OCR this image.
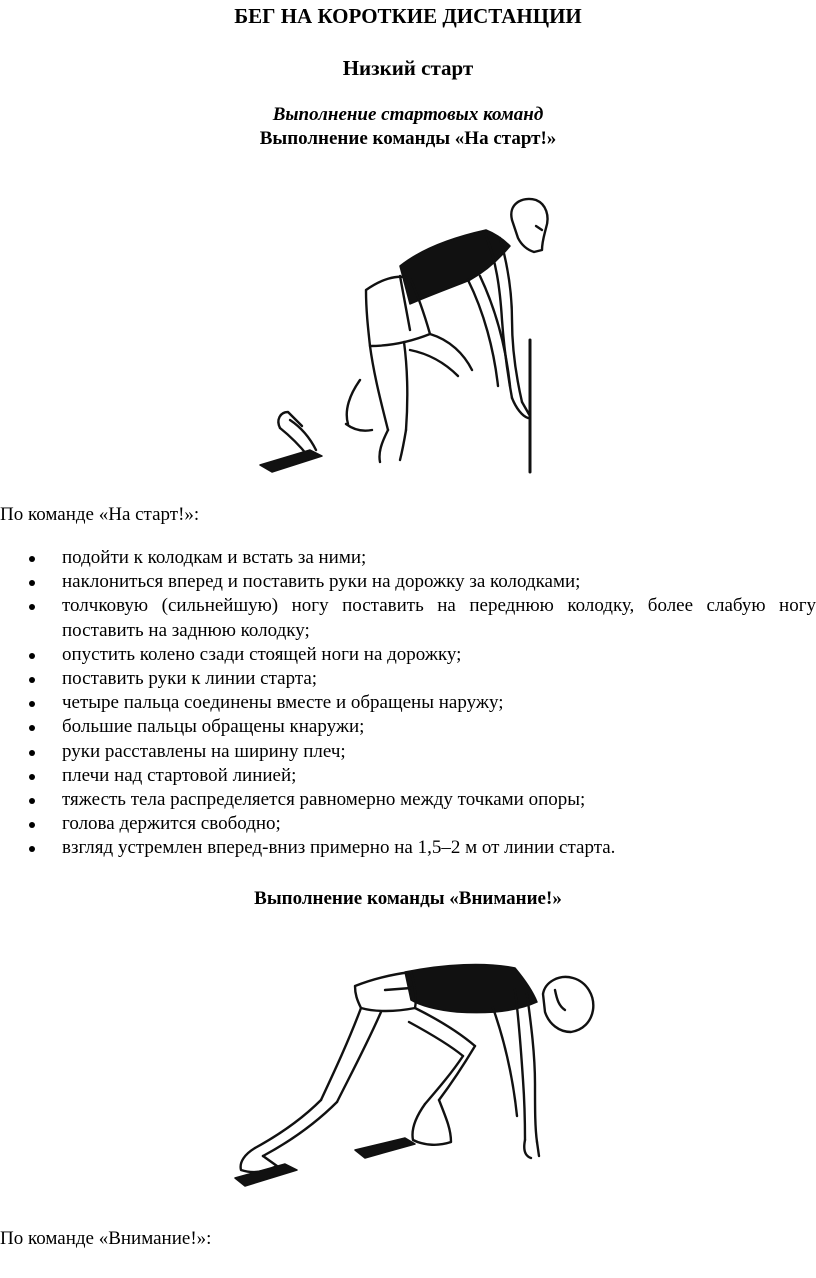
БЕГ НА КОРОТКИЕ ДИСТАНЦИИ
Низкий старт
Выполнение стартовых команд
Выполнение команды «На старт!»
По команде «На старт!»:
подойти к колодкам и встать за ними;
наклониться вперед и поставить руки на дорожку за колодками;
толчковую (сильнейшую) ногу поставить на переднюю колодку, более слабую ногу поставить на заднюю колодку;
опустить колено сзади стоящей ноги на дорожку;
поставить руки к линии старта;
четыре пальца соединены вместе и обращены наружу;
большие пальцы обращены кнаружи;
руки расставлены на ширину плеч;
плечи над стартовой линией;
тяжесть тела распределяется равномерно между точками опоры;
голова держится свободно;
взгляд устремлен вперед-вниз примерно на 1,5–2 м от линии старта.
Выполнение команды «Внимание!»
По команде «Внимание!»:
